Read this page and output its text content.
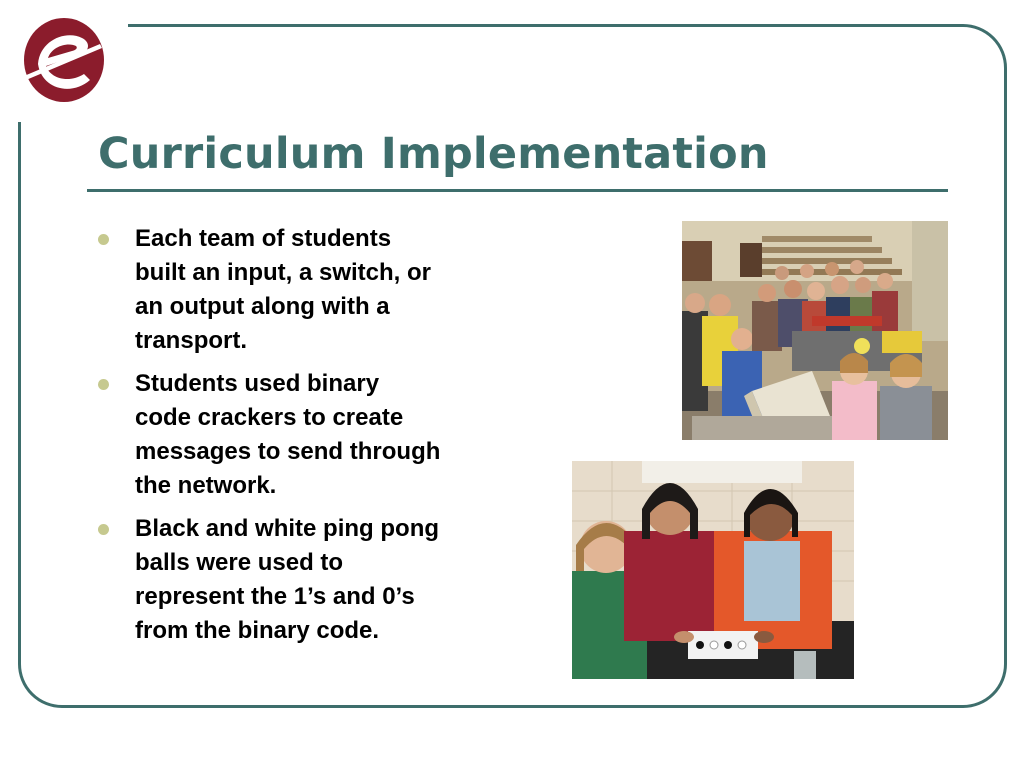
Curriculum Implementation
Each team of students
built an input, a switch, or
an output along with a
transport.
Students used binary
code crackers to create
messages to send through
the network.
Black and white ping pong
balls were used to
represent the 1’s and 0’s
from the binary code.
